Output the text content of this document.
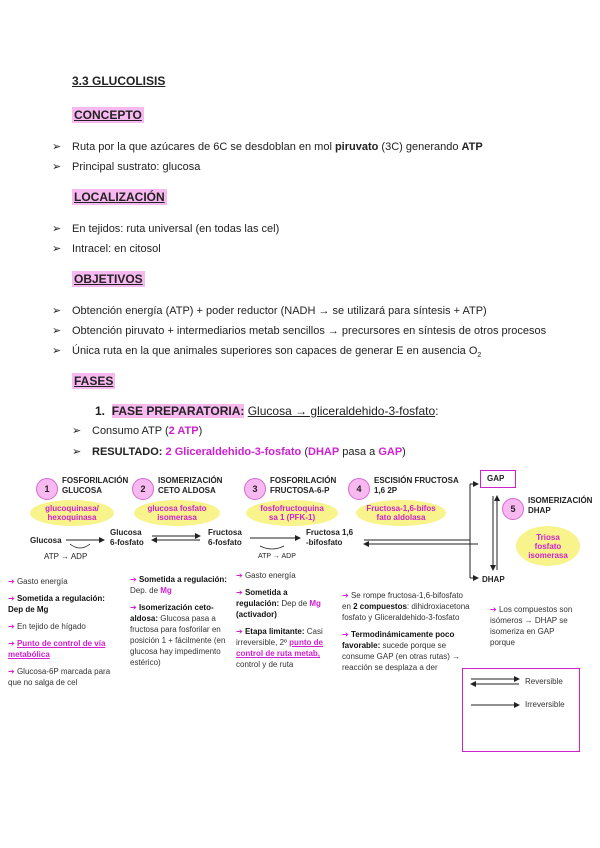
3.3 GLUCOLISIS
CONCEPTO
➢ Ruta por la que azúcares de 6C se desdoblan en mol piruvato (3C) generando ATP
➢ Principal sustrato: glucosa
LOCALIZACIÓN
➢ En tejidos: ruta universal (en todas las cel)
➢ Intracel: en citosol
OBJETIVOS
➢ Obtención energía (ATP) + poder reductor (NADH → se utilizará para síntesis + ATP)
➢ Obtención piruvato + intermediarios metab sencillos → precursores en síntesis de otros procesos
➢ Única ruta en la que animales superiores son capaces de generar E en ausencia $O_2$
FASES
1. FASE PREPARATORIA: Glucosa → gliceraldehido-3-fosfato:
➢ Consumo ATP (2 ATP)
➢ RESULTADO: 2 Gliceraldehido-3-fosfato (DHAP pasa a GAP)
1
FOSFORILACIÓN
GLUCOSA
glucoquinasa/
hexoquinasa
2
ISOMERIZACIÓN
CETO ALDOSA
glucosa fosfato
isomerasa
3
FOSFORILACIÓN
FRUCTOSA-6-P
fosfofructoquina
sa 1 (PFK-1)
4
ESCISIÓN FRUCTOSA
1,6 2P
Fructosa-1,6-bifos
fato aldolasa
5
ISOMERIZACIÓN
DHAP
Triosa
fosfato
isomerasa
Glucosa
Glucosa
6-fosfato
Fructosa
6-fosfato
Fructosa 1,6
-bifosfato
GAP
DHAP
ATP → ADP	ATP → ADP
➔ Gasto energía
➔ Sometida a regulación: Dep de Mg
➔ En tejido de hígado
➔ Punto de control de vía metabólica
➔ Glucosa-6P marcada para que no salga de cel
➔ Sometida a regulación: Dep. de Mg
➔ Isomerización ceto-aldosa: Glucosa pasa a fructosa para fosforilar en posición 1 + fácilmente (en glucosa hay impedimento estérico)
➔ Gasto energía
➔ Sometida a regulación: Dep de Mg (activador)
➔ Etapa limitante: Casi irreversible, 2º punto de control de ruta metab, control y de ruta
➔ Se rompe fructosa-1,6-bifosfato en 2 compuestos: dihidroxiacetona fosfato y Gliceraldehido-3-fosfato
➔ Termodinámicamente poco favorable: sucede porque se consume GAP (en otras rutas) → reacción se desplaza a der
➔ Los compuestos son isómeros → DHAP se isomeriza en GAP porque
Reversible
Irreversible
